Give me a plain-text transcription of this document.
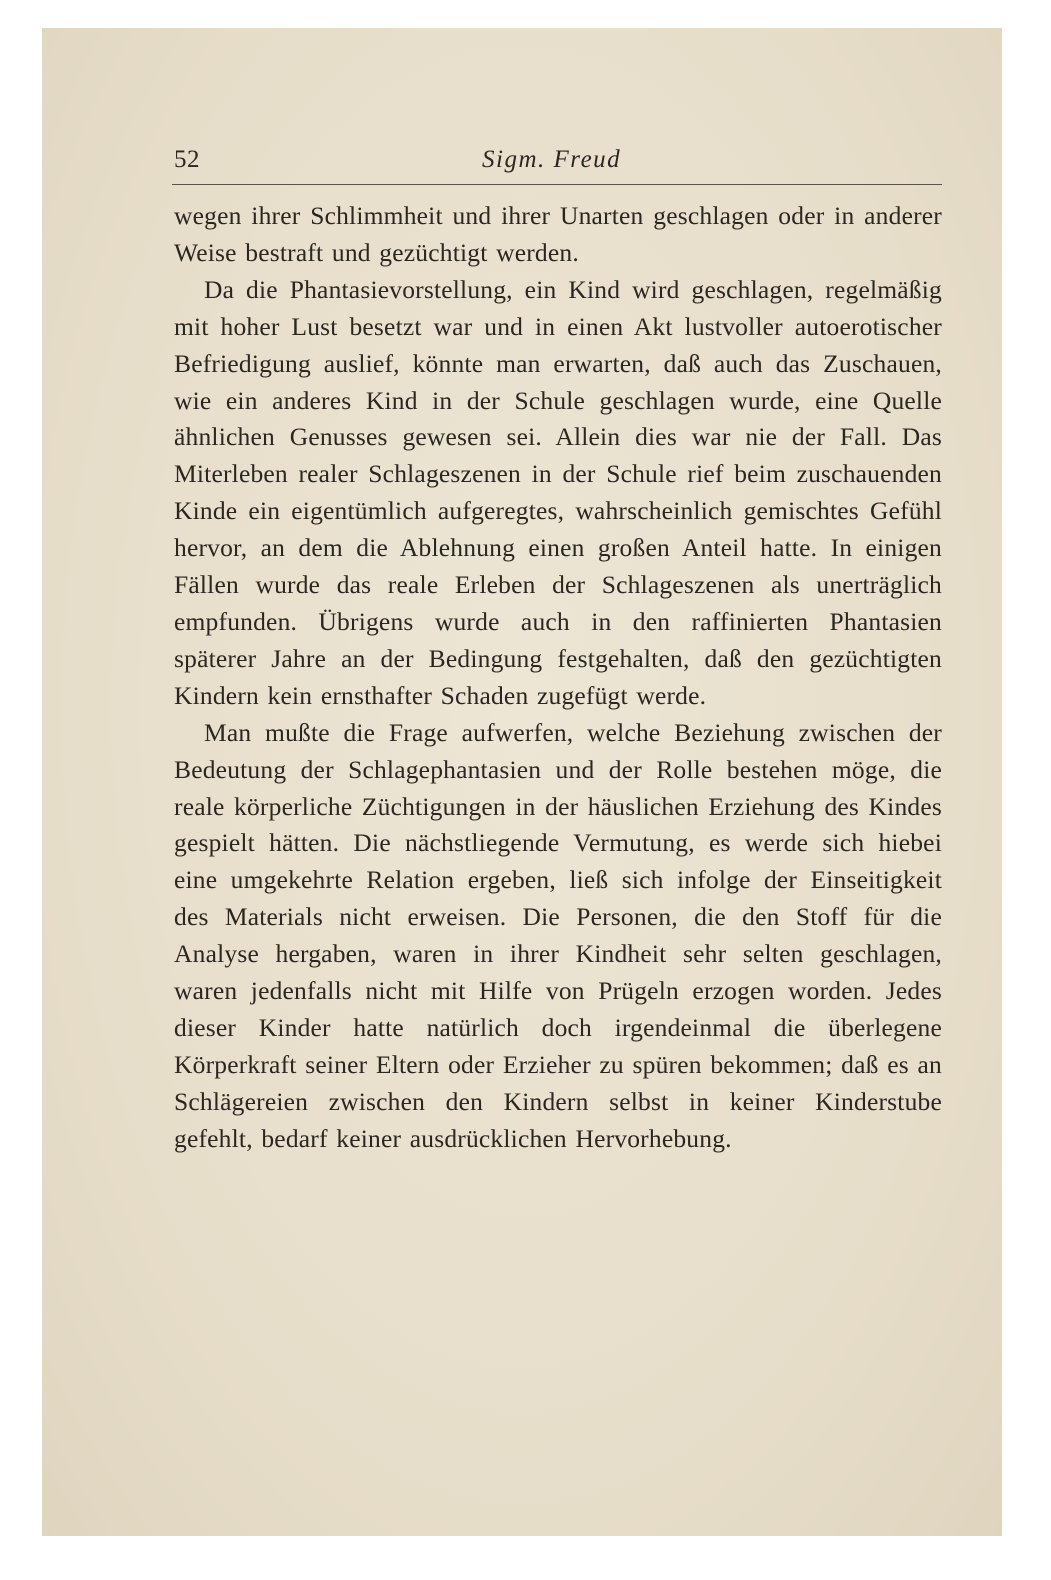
52	Sigm. Freud

wegen ihrer Schlimmheit und ihrer Unarten geschlagen oder in anderer Weise bestraft und gezüchtigt werden.

Da die Phantasievorstellung, ein Kind wird geschlagen, regelmäßig mit hoher Lust besetzt war und in einen Akt lustvoller autoerotischer Befriedigung auslief, könnte man erwarten, daß auch das Zuschauen, wie ein anderes Kind in der Schule geschlagen wurde, eine Quelle ähnlichen Genusses gewesen sei. Allein dies war nie der Fall. Das Miterleben realer Schlageszenen in der Schule rief beim zuschauenden Kinde ein eigentümlich aufgeregtes, wahrscheinlich gemischtes Gefühl hervor, an dem die Ablehnung einen großen Anteil hatte. In einigen Fällen wurde das reale Erleben der Schlageszenen als unerträglich empfunden. Übrigens wurde auch in den raffinierten Phantasien späterer Jahre an der Bedingung festgehalten, daß den gezüchtigten Kindern kein ernsthafter Schaden zugefügt werde.

Man mußte die Frage aufwerfen, welche Beziehung zwischen der Bedeutung der Schlagephantasien und der Rolle bestehen möge, die reale körperliche Züchtigungen in der häuslichen Erziehung des Kindes gespielt hätten. Die nächstliegende Vermutung, es werde sich hiebei eine umgekehrte Relation ergeben, ließ sich infolge der Einseitigkeit des Materials nicht erweisen. Die Personen, die den Stoff für die Analyse hergaben, waren in ihrer Kindheit sehr selten geschlagen, waren jedenfalls nicht mit Hilfe von Prügeln erzogen worden. Jedes dieser Kinder hatte natürlich doch irgendeinmal die überlegene Körperkraft seiner Eltern oder Erzieher zu spüren bekommen; daß es an Schlägereien zwischen den Kindern selbst in keiner Kinderstube gefehlt, bedarf keiner ausdrücklichen Hervorhebung.
